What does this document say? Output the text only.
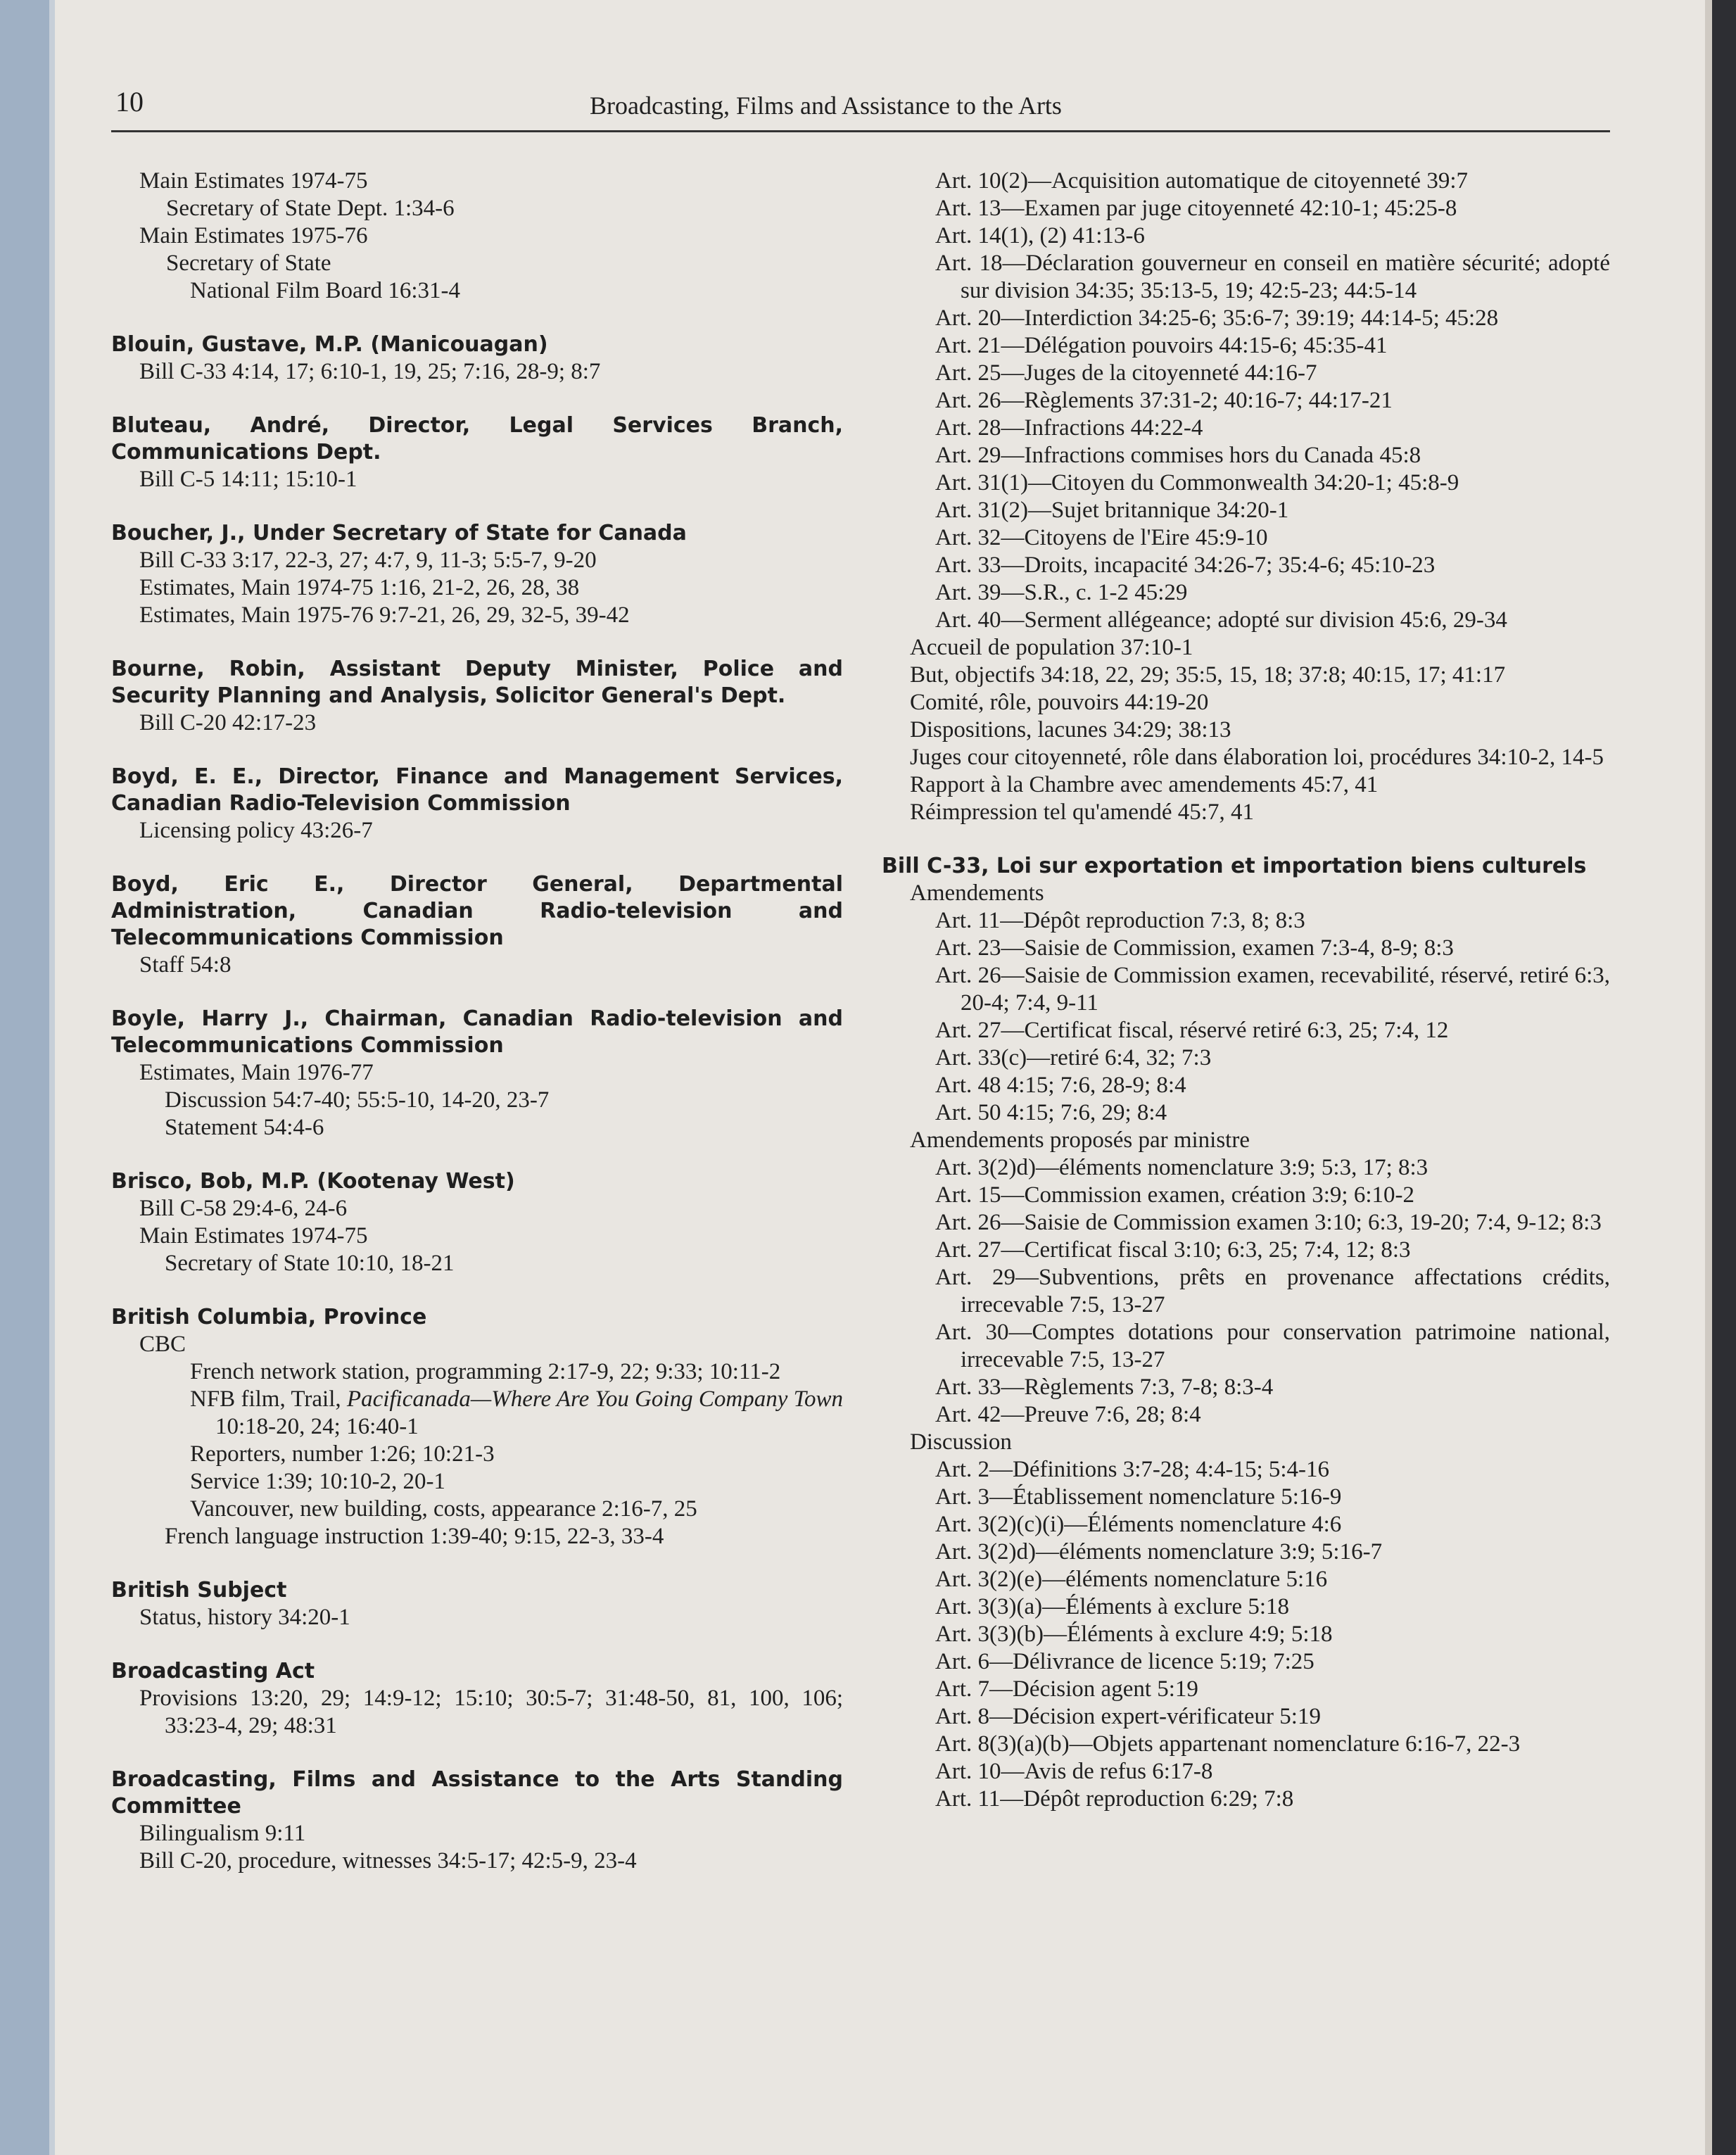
10	Broadcasting, Films and Assistance to the Arts
Main Estimates 1974-75
Secretary of State Dept. 1:34-6
Main Estimates 1975-76
Secretary of State
National Film Board 16:31-4
Blouin, Gustave, M.P. (Manicouagan)
Bill C-33 4:14, 17; 6:10-1, 19, 25; 7:16, 28-9; 8:7
Bluteau, André, Director, Legal Services Branch, Communications Dept.
Bill C-5 14:11; 15:10-1
Boucher, J., Under Secretary of State for Canada
Bill C-33 3:17, 22-3, 27; 4:7, 9, 11-3; 5:5-7, 9-20
Estimates, Main 1974-75 1:16, 21-2, 26, 28, 38
Estimates, Main 1975-76 9:7-21, 26, 29, 32-5, 39-42
Bourne, Robin, Assistant Deputy Minister, Police and Security Planning and Analysis, Solicitor General's Dept.
Bill C-20 42:17-23
Boyd, E. E., Director, Finance and Management Services, Canadian Radio-Television Commission
Licensing policy 43:26-7
Boyd, Eric E., Director General, Departmental Administration, Canadian Radio-television and Telecommunications Commission
Staff 54:8
Boyle, Harry J., Chairman, Canadian Radio-television and Telecommunications Commission
Estimates, Main 1976-77
Discussion 54:7-40; 55:5-10, 14-20, 23-7
Statement 54:4-6
Brisco, Bob, M.P. (Kootenay West)
Bill C-58 29:4-6, 24-6
Main Estimates 1974-75
Secretary of State 10:10, 18-21
British Columbia, Province
CBC
French network station, programming 2:17-9, 22; 9:33; 10:11-2
NFB film, Trail, Pacificanada—Where Are You Going Company Town 10:18-20, 24; 16:40-1
Reporters, number 1:26; 10:21-3
Service 1:39; 10:10-2, 20-1
Vancouver, new building, costs, appearance 2:16-7, 25
French language instruction 1:39-40; 9:15, 22-3, 33-4
British Subject
Status, history 34:20-1
Broadcasting Act
Provisions 13:20, 29; 14:9-12; 15:10; 30:5-7; 31:48-50, 81, 100, 106; 33:23-4, 29; 48:31
Broadcasting, Films and Assistance to the Arts Standing Committee
Bilingualism 9:11
Bill C-20, procedure, witnesses 34:5-17; 42:5-9, 23-4
Art. 10(2)—Acquisition automatique de citoyenneté 39:7
Art. 13—Examen par juge citoyenneté 42:10-1; 45:25-8
Art. 14(1), (2) 41:13-6
Art. 18—Déclaration gouverneur en conseil en matière sécurité; adopté sur division 34:35; 35:13-5, 19; 42:5-23; 44:5-14
Art. 20—Interdiction 34:25-6; 35:6-7; 39:19; 44:14-5; 45:28
Art. 21—Délégation pouvoirs 44:15-6; 45:35-41
Art. 25—Juges de la citoyenneté 44:16-7
Art. 26—Règlements 37:31-2; 40:16-7; 44:17-21
Art. 28—Infractions 44:22-4
Art. 29—Infractions commises hors du Canada 45:8
Art. 31(1)—Citoyen du Commonwealth 34:20-1; 45:8-9
Art. 31(2)—Sujet britannique 34:20-1
Art. 32—Citoyens de l'Eire 45:9-10
Art. 33—Droits, incapacité 34:26-7; 35:4-6; 45:10-23
Art. 39—S.R., c. 1-2 45:29
Art. 40—Serment allégeance; adopté sur division 45:6, 29-34
Accueil de population 37:10-1
But, objectifs 34:18, 22, 29; 35:5, 15, 18; 37:8; 40:15, 17; 41:17
Comité, rôle, pouvoirs 44:19-20
Dispositions, lacunes 34:29; 38:13
Juges cour citoyenneté, rôle dans élaboration loi, procédures 34:10-2, 14-5
Rapport à la Chambre avec amendements 45:7, 41
Réimpression tel qu'amendé 45:7, 41
Bill C-33, Loi sur exportation et importation biens culturels
Amendements
Art. 11—Dépôt reproduction 7:3, 8; 8:3
Art. 23—Saisie de Commission, examen 7:3-4, 8-9; 8:3
Art. 26—Saisie de Commission examen, recevabilité, réservé, retiré 6:3, 20-4; 7:4, 9-11
Art. 27—Certificat fiscal, réservé retiré 6:3, 25; 7:4, 12
Art. 33(c)—retiré 6:4, 32; 7:3
Art. 48 4:15; 7:6, 28-9; 8:4
Art. 50 4:15; 7:6, 29; 8:4
Amendements proposés par ministre
Art. 3(2)d)—éléments nomenclature 3:9; 5:3, 17; 8:3
Art. 15—Commission examen, création 3:9; 6:10-2
Art. 26—Saisie de Commission examen 3:10; 6:3, 19-20; 7:4, 9-12; 8:3
Art. 27—Certificat fiscal 3:10; 6:3, 25; 7:4, 12; 8:3
Art. 29—Subventions, prêts en provenance affectations crédits, irrecevable 7:5, 13-27
Art. 30—Comptes dotations pour conservation patrimoine national, irrecevable 7:5, 13-27
Art. 33—Règlements 7:3, 7-8; 8:3-4
Art. 42—Preuve 7:6, 28; 8:4
Discussion
Art. 2—Définitions 3:7-28; 4:4-15; 5:4-16
Art. 3—Établissement nomenclature 5:16-9
Art. 3(2)(c)(i)—Éléments nomenclature 4:6
Art. 3(2)d)—éléments nomenclature 3:9; 5:16-7
Art. 3(2)(e)—éléments nomenclature 5:16
Art. 3(3)(a)—Éléments à exclure 5:18
Art. 3(3)(b)—Éléments à exclure 4:9; 5:18
Art. 6—Délivrance de licence 5:19; 7:25
Art. 7—Décision agent 5:19
Art. 8—Décision expert-vérificateur 5:19
Art. 8(3)(a)(b)—Objets appartenant nomenclature 6:16-7, 22-3
Art. 10—Avis de refus 6:17-8
Art. 11—Dépôt reproduction 6:29; 7:8
